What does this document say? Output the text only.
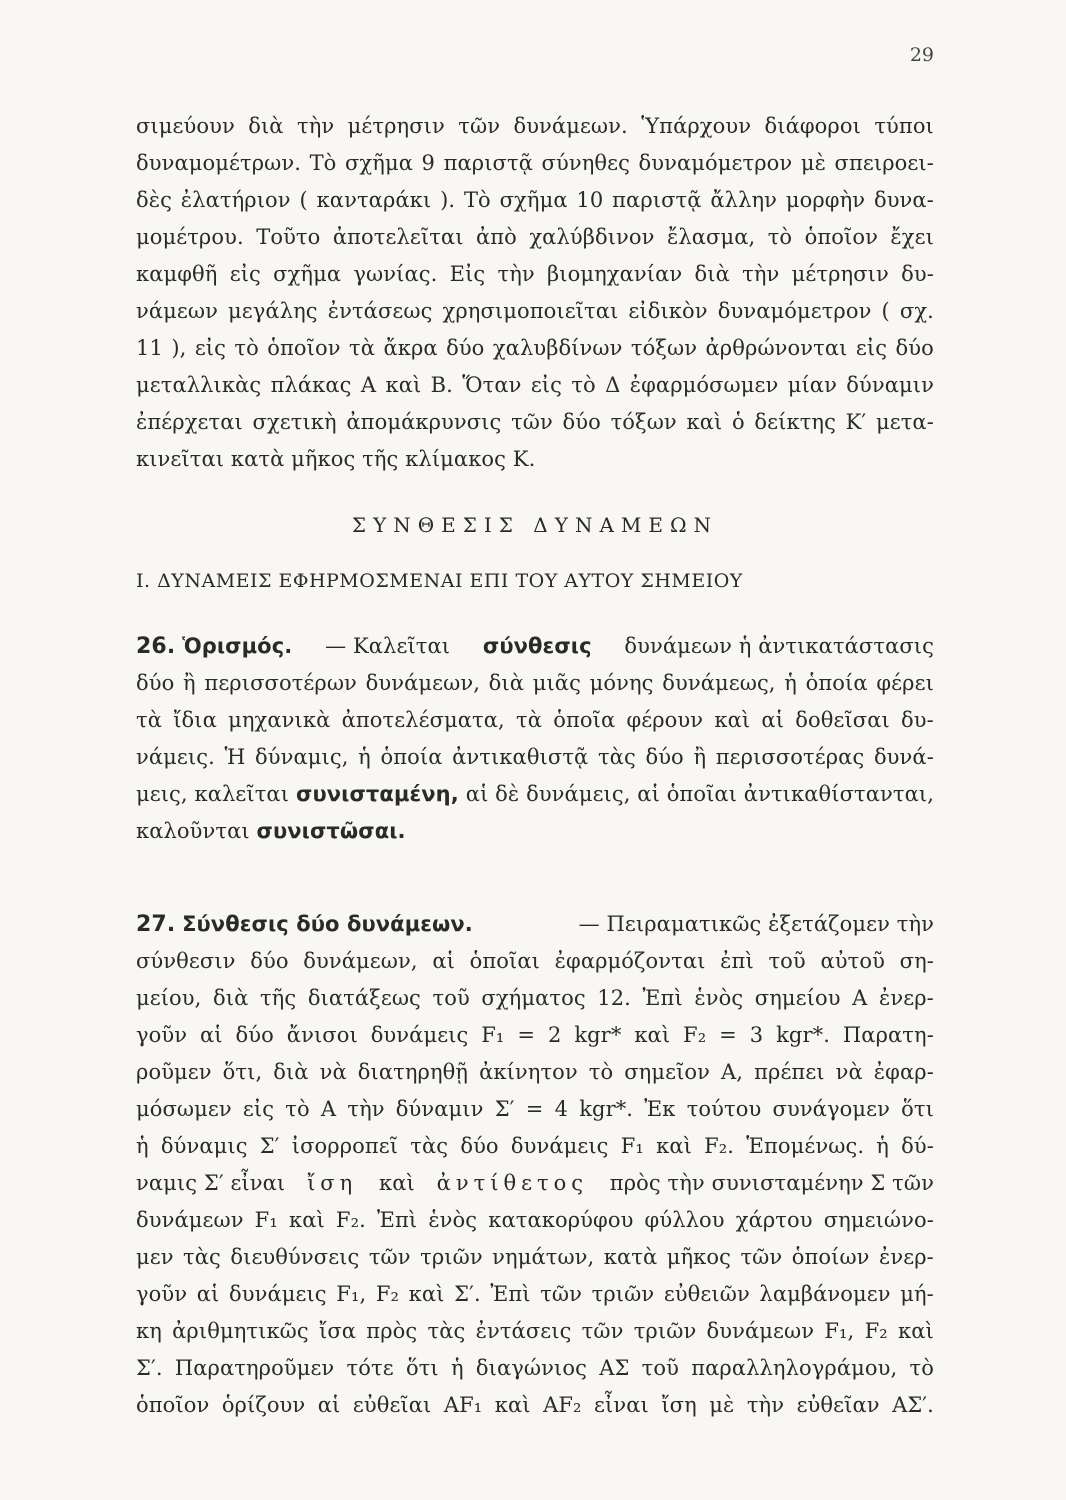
29
σιμεύουν διὰ τὴν μέτρησιν τῶν δυνάμεων. Ὑπάρχουν διάφοροι τύποι
δυναμομέτρων. Τὸ σχῆμα 9 παριστᾷ σύνηθες δυναμόμετρον μὲ σπειροει-
δὲς ἐλατήριον ( κανταράκι ). Τὸ σχῆμα 10 παριστᾷ ἄλλην μορφὴν δυνα-
μομέτρου. Τοῦτο ἀποτελεῖται ἀπὸ χαλύβδινον ἔλασμα, τὸ ὁποῖον ἔχει
καμφθῆ εἰς σχῆμα γωνίας. Εἰς τὴν βιομηχανίαν διὰ τὴν μέτρησιν δυ-
νάμεων μεγάλης ἐντάσεως χρησιμοποιεῖται εἰδικὸν δυναμόμετρον ( σχ.
11 ), εἰς τὸ ὁποῖον τὰ ἄκρα δύο χαλυβδίνων τόξων ἀρθρώνονται εἰς δύο
μεταλλικὰς πλάκας Α καὶ Β. Ὅταν εἰς τὸ Δ ἐφαρμόσωμεν μίαν δύναμιν
ἐπέρχεται σχετικὴ ἀπομάκρυνσις τῶν δύο τόξων καὶ ὁ δείκτης Κ′ μετα-
κινεῖται κατὰ μῆκος τῆς κλίμακος Κ.
ΣΥΝΘΕΣΙΣ ΔΥΝΑΜΕΩΝ
Ι. ΔΥΝΑΜΕΙΣ ΕΦΗΡΜΟΣΜΕΝΑΙ ΕΠΙ ΤΟΥ ΑΥΤΟΥ ΣΗΜΕΙΟΥ
26. Ὁρισμός. — Καλεῖται σύνθεσις δυνάμεων ἡ ἀντικατάστασις
δύο ἢ περισσοτέρων δυνάμεων, διὰ μιᾶς μόνης δυνάμεως, ἡ ὁποία φέρει
τὰ ἴδια μηχανικὰ ἀποτελέσματα, τὰ ὁποῖα φέρουν καὶ αἱ δοθεῖσαι δυ-
νάμεις. Ἡ δύναμις, ἡ ὁποία ἀντικαθιστᾷ τὰς δύο ἢ περισσοτέρας δυνά-
μεις, καλεῖται συνισταμένη, αἱ δὲ δυνάμεις, αἱ ὁποῖαι ἀντικαθίστανται,
καλοῦνται
συνιστῶσαι.
27. Σύνθεσις δύο δυνάμεων.	— Πειραματικῶς ἐξετάζομεν τὴν
σύνθεσιν δύο δυνάμεων, αἱ ὁποῖαι ἐφαρμόζονται ἐπὶ τοῦ αὐτοῦ ση-
μείου, διὰ τῆς διατάξεως τοῦ σχήματος 12. Ἐπὶ ἑνὸς σημείου Α ἐνερ-
γοῦν αἱ δύο ἄνισοι δυνάμεις F₁ = 2 kgr* καὶ F₂ = 3 kgr*. Παρατη-
ροῦμεν ὅτι, διὰ νὰ διατηρηθῇ ἀκίνητον τὸ σημεῖον Α, πρέπει νὰ ἐφαρ-
μόσωμεν εἰς τὸ Α τὴν δύναμιν Σ′ = 4 kgr*. Ἐκ τούτου συνάγομεν ὅτι
ἡ δύναμις Σ′ ἰσορροπεῖ τὰς δύο δυνάμεις F₁ καὶ F₂. Ἑπομένως. ἡ δύ-
ναμις Σ′ εἶναι ἴση καὶ ἀντίθετος πρὸς τὴν συνισταμένην Σ τῶν
δυνάμεων F₁ καὶ F₂. Ἐπὶ ἑνὸς κατακορύφου φύλλου χάρτου σημειώνο-
μεν τὰς διευθύνσεις τῶν τριῶν νημάτων, κατὰ μῆκος τῶν ὁποίων ἐνερ-
γοῦν αἱ δυνάμεις F₁, F₂ καὶ Σ′. Ἐπὶ τῶν τριῶν εὐθειῶν λαμβάνομεν μή-
κη ἀριθμητικῶς ἴσα πρὸς τὰς ἐντάσεις τῶν τριῶν δυνάμεων F₁, F₂ καὶ
Σ′. Παρατηροῦμεν τότε ὅτι ἡ διαγώνιος ΑΣ τοῦ παραλληλογράμου, τὸ
ὁποῖον ὁρίζουν αἱ εὐθεῖαι ΑF₁ καὶ ΑF₂ εἶναι ἴση μὲ τὴν εὐθεῖαν ΑΣ′.
